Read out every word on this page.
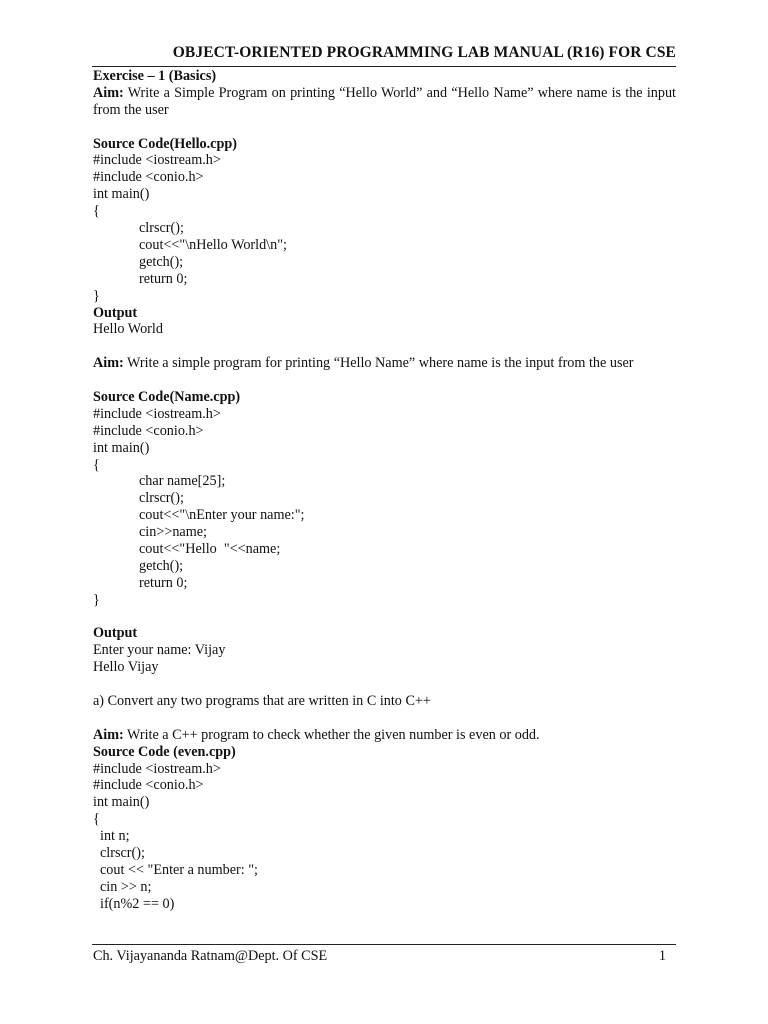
OBJECT-ORIENTED PROGRAMMING LAB MANUAL (R16) FOR CSE
Exercise – 1 (Basics)
Aim: Write a Simple Program on printing “Hello World” and “Hello Name” where name is the input from the user
Source Code(Hello.cpp)
#include <iostream.h>
#include <conio.h>
int main()
{
clrscr();
cout<<"\nHello World\n";
getch();
return 0;
}
Output
Hello World
Aim: Write a simple program for printing “Hello Name” where name is the input from the user
Source Code(Name.cpp)
#include <iostream.h>
#include <conio.h>
int main()
{
char name[25];
clrscr();
cout<<"\nEnter your name:";
cin>>name;
cout<<"Hello  "<<name;
getch();
return 0;
}
Output
Enter your name: Vijay
Hello Vijay
a) Convert any two programs that are written in C into C++
Aim: Write a C++ program to check whether the given number is even or odd.
Source Code (even.cpp)
#include <iostream.h>
#include <conio.h>
int main()
{
int n;
clrscr();
cout << "Enter a number: ";
cin >> n;
if(n%2 == 0)
Ch. Vijayananda Ratnam@Dept. Of CSE	1
